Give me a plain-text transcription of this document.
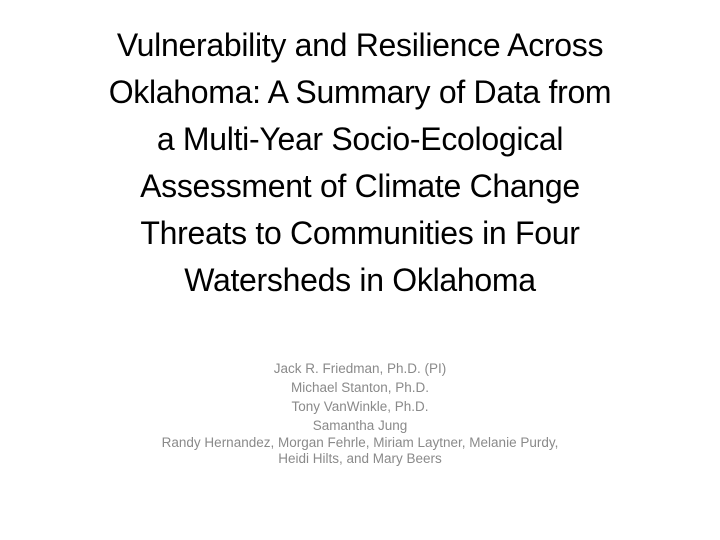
Vulnerability and Resilience Across
Oklahoma: A Summary of Data from
a Multi-Year Socio-Ecological
Assessment of Climate Change
Threats to Communities in Four
Watersheds in Oklahoma
Jack R. Friedman, Ph.D. (PI)
Michael Stanton, Ph.D.
Tony VanWinkle, Ph.D.
Samantha Jung
Randy Hernandez, Morgan Fehrle, Miriam Laytner, Melanie Purdy,
Heidi Hilts, and Mary Beers
